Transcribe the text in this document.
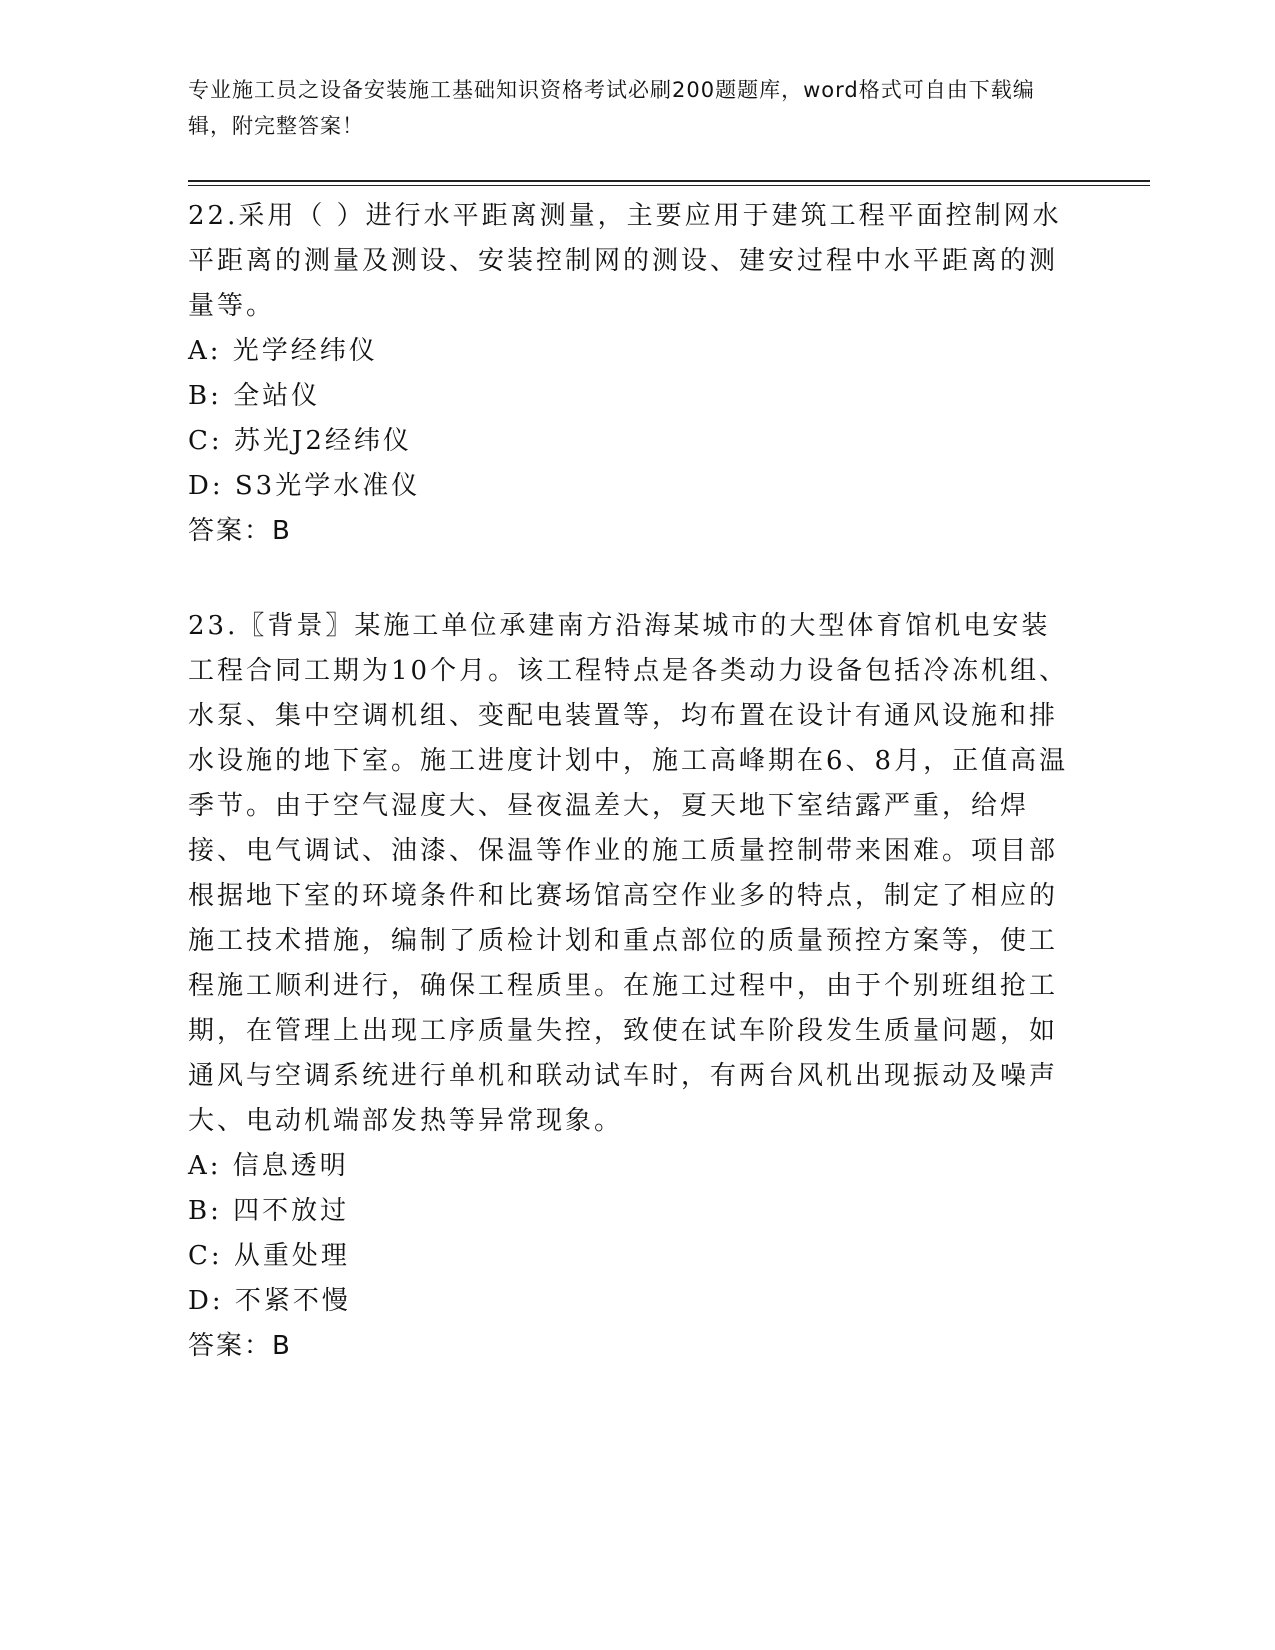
专业施工员之设备安装施工基础知识资格考试必刷200题题库，word格式可自由下载编辑，附完整答案！

22.采用（ ）进行水平距离测量，主要应用于建筑工程平面控制网水平距离的测量及测设、安装控制网的测设、建安过程中水平距离的测量等。

A: 光学经纬仪

B: 全站仪

C: 苏光J2经纬仪

D: S3光学水准仪

答案：B

23.〖背景〗某施工单位承建南方沿海某城市的大型体育馆机电安装工程合同工期为10个月。该工程特点是各类动力设备包括冷冻机组、水泵、集中空调机组、变配电装置等，均布置在设计有通风设施和排水设施的地下室。施工进度计划中，施工高峰期在6、8月，正值高温季节。由于空气湿度大、昼夜温差大，夏天地下室结露严重，给焊接、电气调试、油漆、保温等作业的施工质量控制带来困难。项目部根据地下室的环境条件和比赛场馆高空作业多的特点，制定了相应的施工技术措施，编制了质检计划和重点部位的质量预控方案等，使工程施工顺利进行，确保工程质里。在施工过程中，由于个别班组抢工期，在管理上出现工序质量失控，致使在试车阶段发生质量问题，如通风与空调系统进行单机和联动试车时，有两台风机出现振动及噪声大、电动机端部发热等异常现象。

A: 信息透明

B: 四不放过

C: 从重处理

D: 不紧不慢

答案：B
